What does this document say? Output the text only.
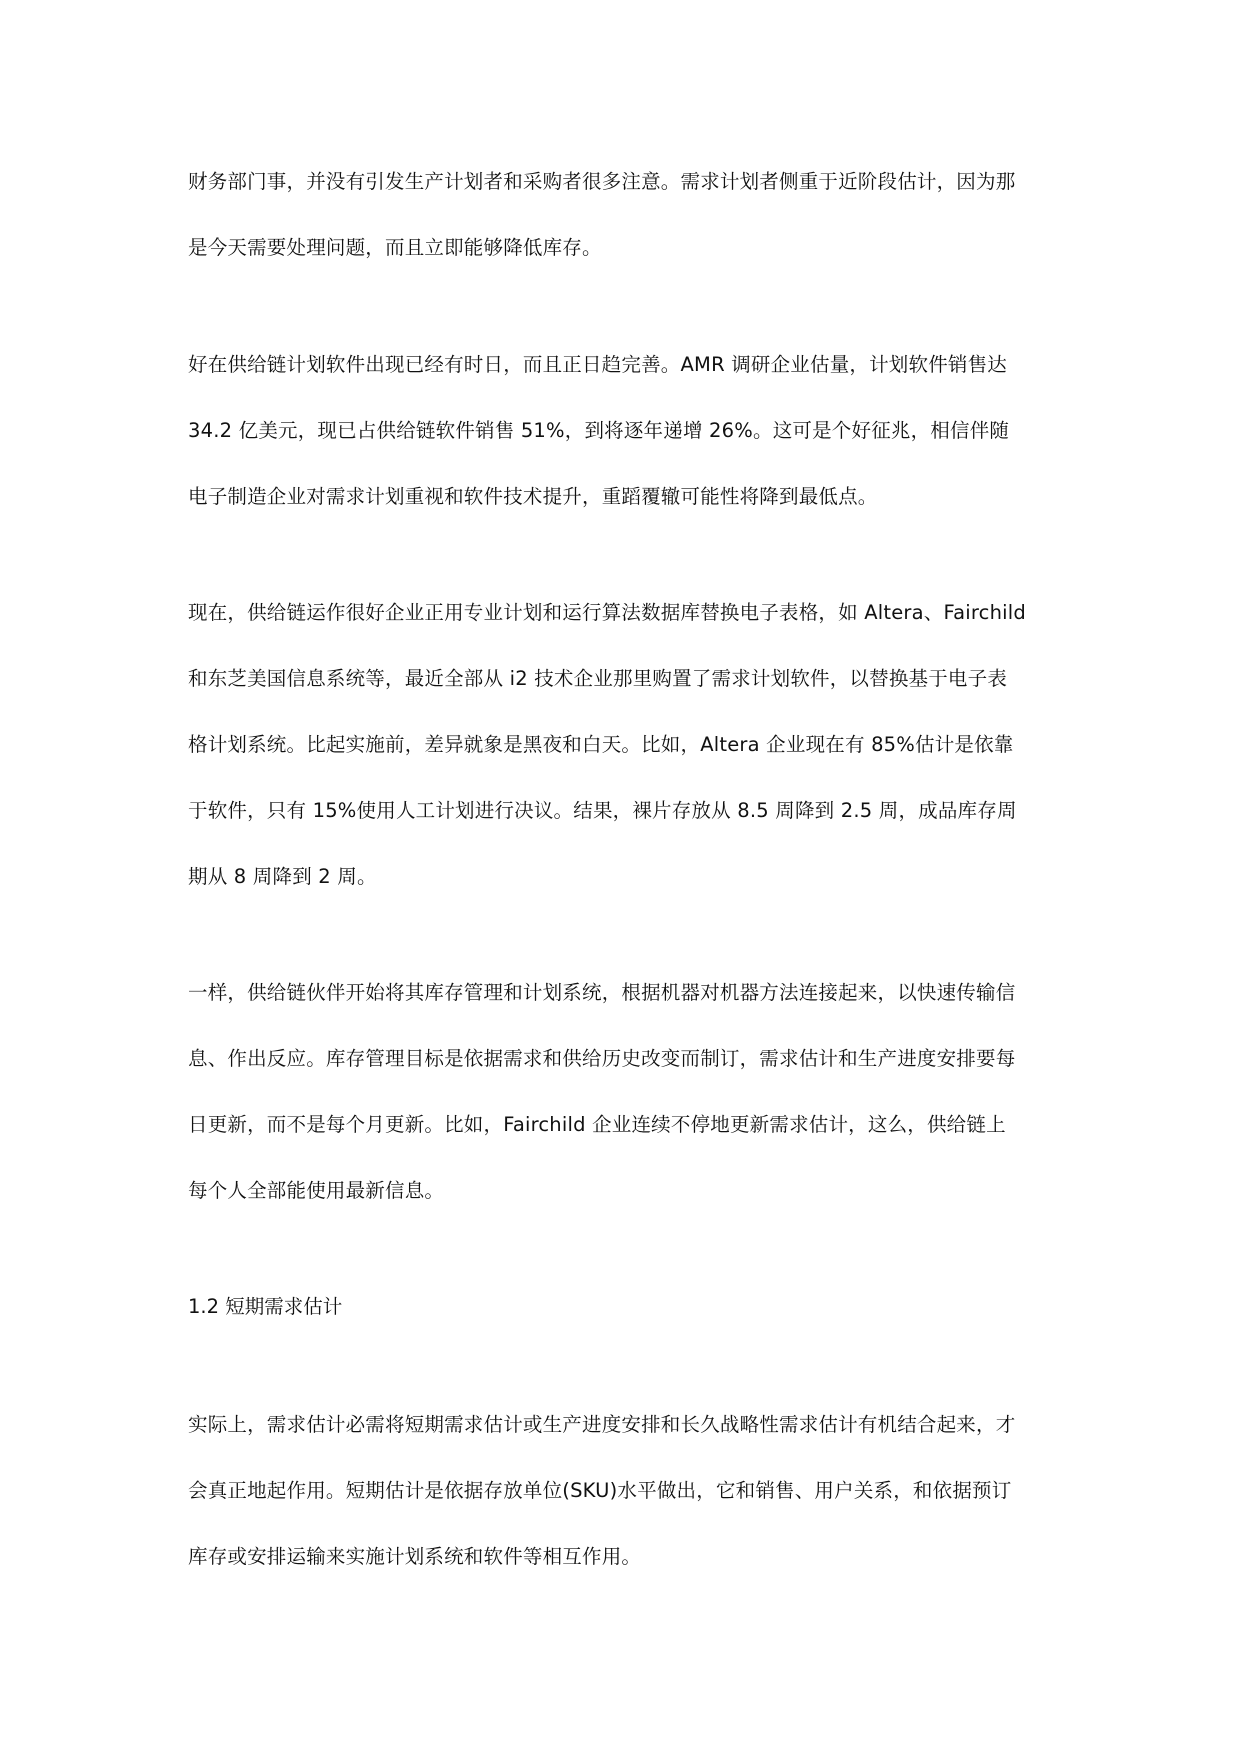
财务部门事，并没有引发生产计划者和采购者很多注意。需求计划者侧重于近阶段估计，因为那

是今天需要处理问题，而且立即能够降低库存。

好在供给链计划软件出现已经有时日，而且正日趋完善。AMR 调研企业估量，计划软件销售达

34.2 亿美元，现已占供给链软件销售 51%，到将逐年递增 26%。这可是个好征兆，相信伴随

电子制造企业对需求计划重视和软件技术提升，重蹈覆辙可能性将降到最低点。

现在，供给链运作很好企业正用专业计划和运行算法数据库替换电子表格，如 Altera、Fairchild

和东芝美国信息系统等，最近全部从 i2 技术企业那里购置了需求计划软件，以替换基于电子表

格计划系统。比起实施前，差异就象是黑夜和白天。比如，Altera 企业现在有 85%估计是依靠

于软件，只有 15%使用人工计划进行决议。结果，裸片存放从 8.5 周降到 2.5 周，成品库存周

期从 8 周降到 2 周。

一样，供给链伙伴开始将其库存管理和计划系统，根据机器对机器方法连接起来，以快速传输信

息、作出反应。库存管理目标是依据需求和供给历史改变而制订，需求估计和生产进度安排要每

日更新，而不是每个月更新。比如，Fairchild 企业连续不停地更新需求估计，这么，供给链上

每个人全部能使用最新信息。

1.2 短期需求估计

实际上，需求估计必需将短期需求估计或生产进度安排和长久战略性需求估计有机结合起来，才

会真正地起作用。短期估计是依据存放单位(SKU)水平做出，它和销售、用户关系，和依据预订

库存或安排运输来实施计划系统和软件等相互作用。
